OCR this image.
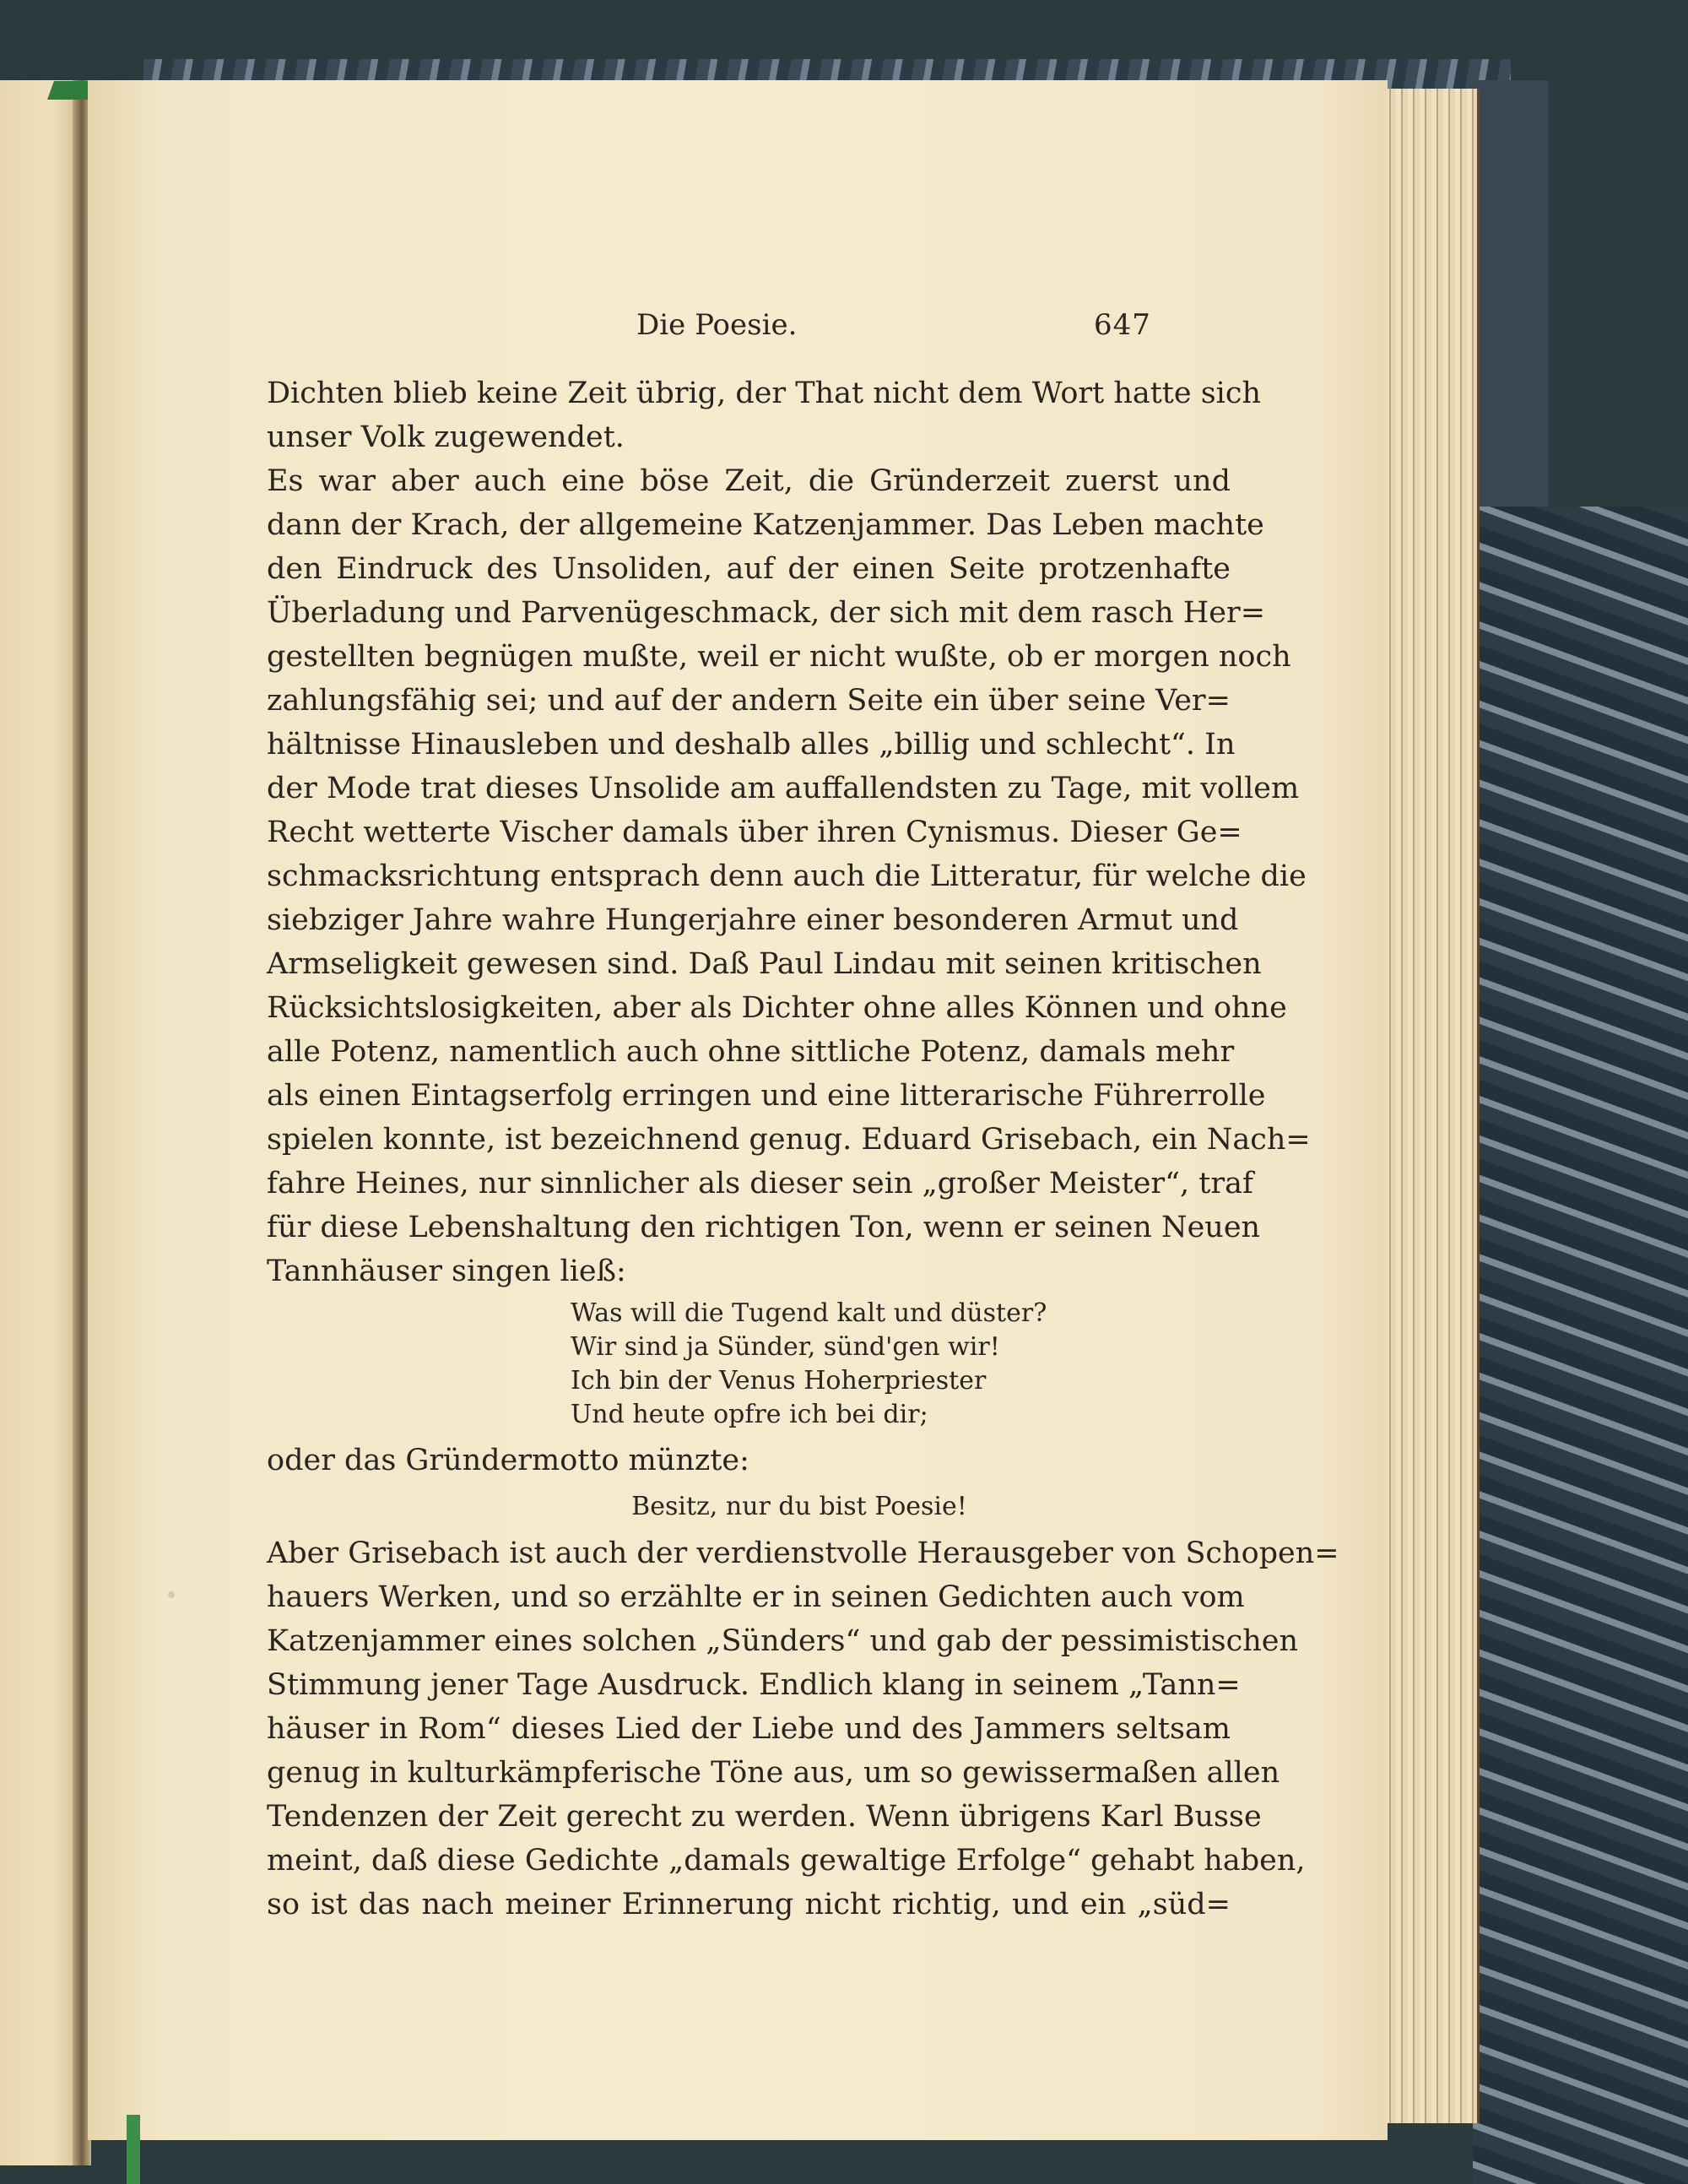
Die Poesie.	647
Dichten blieb keine Zeit übrig, der That nicht dem Wort hatte sich
unser Volk zugewendet.
Es war aber auch eine böse Zeit, die Gründerzeit zuerst und
dann der Krach, der allgemeine Katzenjammer. Das Leben machte
den Eindruck des Unsoliden, auf der einen Seite protzenhafte
Überladung und Parvenügeschmack, der sich mit dem rasch Her=
gestellten begnügen mußte, weil er nicht wußte, ob er morgen noch
zahlungsfähig sei; und auf der andern Seite ein über seine Ver=
hältnisse Hinausleben und deshalb alles „billig und schlecht“. In
der Mode trat dieses Unsolide am auffallendsten zu Tage, mit vollem
Recht wetterte Vischer damals über ihren Cynismus. Dieser Ge=
schmacksrichtung entsprach denn auch die Litteratur, für welche die
siebziger Jahre wahre Hungerjahre einer besonderen Armut und
Armseligkeit gewesen sind. Daß Paul Lindau mit seinen kritischen
Rücksichtslosigkeiten, aber als Dichter ohne alles Können und ohne
alle Potenz, namentlich auch ohne sittliche Potenz, damals mehr
als einen Eintagserfolg erringen und eine litterarische Führerrolle
spielen konnte, ist bezeichnend genug. Eduard Grisebach, ein Nach=
fahre Heines, nur sinnlicher als dieser sein „großer Meister“, traf
für diese Lebenshaltung den richtigen Ton, wenn er seinen Neuen
Tannhäuser singen ließ:
Was will die Tugend kalt und düster?
Wir sind ja Sünder, sünd'gen wir!
Ich bin der Venus Hoherpriester
Und heute opfre ich bei dir;
oder das Gründermotto münzte:
Besitz, nur du bist Poesie!
Aber Grisebach ist auch der verdienstvolle Herausgeber von Schopen=
hauers Werken, und so erzählte er in seinen Gedichten auch vom
Katzenjammer eines solchen „Sünders“ und gab der pessimistischen
Stimmung jener Tage Ausdruck. Endlich klang in seinem „Tann=
häuser in Rom“ dieses Lied der Liebe und des Jammers seltsam
genug in kulturkämpferische Töne aus, um so gewissermaßen allen
Tendenzen der Zeit gerecht zu werden. Wenn übrigens Karl Busse
meint, daß diese Gedichte „damals gewaltige Erfolge“ gehabt haben,
so ist das nach meiner Erinnerung nicht richtig, und ein „süd=
